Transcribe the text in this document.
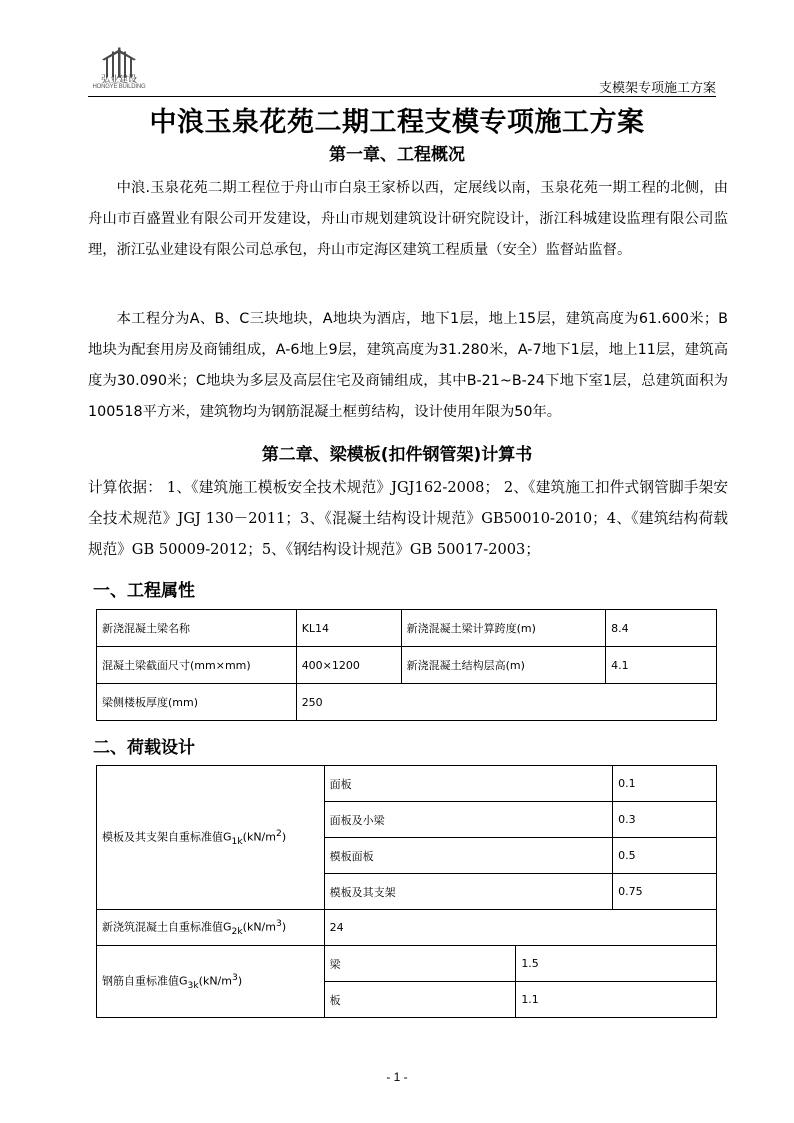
弘业建设
HONGYE BUILDING	支模架专项施工方案
中浪玉泉花苑二期工程支模专项施工方案
第一章、工程概况
中浪.玉泉花苑二期工程位于舟山市白泉王家桥以西，定展线以南，玉泉花苑一期工程的北侧，由舟山市百盛置业有限公司开发建设，舟山市规划建筑设计研究院设计，浙江科城建设监理有限公司监理，浙江弘业建设有限公司总承包，舟山市定海区建筑工程质量（安全）监督站监督。
本工程分为A、B、C三块地块，A地块为酒店，地下1层，地上15层，建筑高度为61.600米；B地块为配套用房及商铺组成，A-6地上9层，建筑高度为31.280米，A-7地下1层，地上11层，建筑高度为30.090米；C地块为多层及高层住宅及商铺组成，其中B-21~B-24下地下室1层，总建筑面积为100518平方米，建筑物均为钢筋混凝土框剪结构，设计使用年限为50年。
第二章、梁模板(扣件钢管架)计算书
计算依据： 1、《建筑施工模板安全技术规范》JGJ162-2008； 2、《建筑施工扣件式钢管脚手架安全技术规范》JGJ 130－2011；3、《混凝土结构设计规范》GB50010-2010；4、《建筑结构荷载规范》GB 50009-2012；5、《钢结构设计规范》GB 50017-2003；
一、工程属性
新浇混凝土梁名称	KL14	新浇混凝土梁计算跨度(m)	8.4
混凝土梁截面尺寸(mm×mm)	400×1200	新浇混凝土结构层高(m)	4.1
梁侧楼板厚度(mm)	250		
二、荷载设计
模板及其支架自重标准值$G_{1k}(kN/m^2)$	面板		0.1
	面板及小梁		0.3
	模板面板		0.5
	模板及其支架		0.75
新浇筑混凝土自重标准值$G_{2k}(kN/m^3)$	24		
钢筋自重标准值$G_{3k}(kN/m^3)$	梁	1.5	
	板	1.1	
- 1 -
